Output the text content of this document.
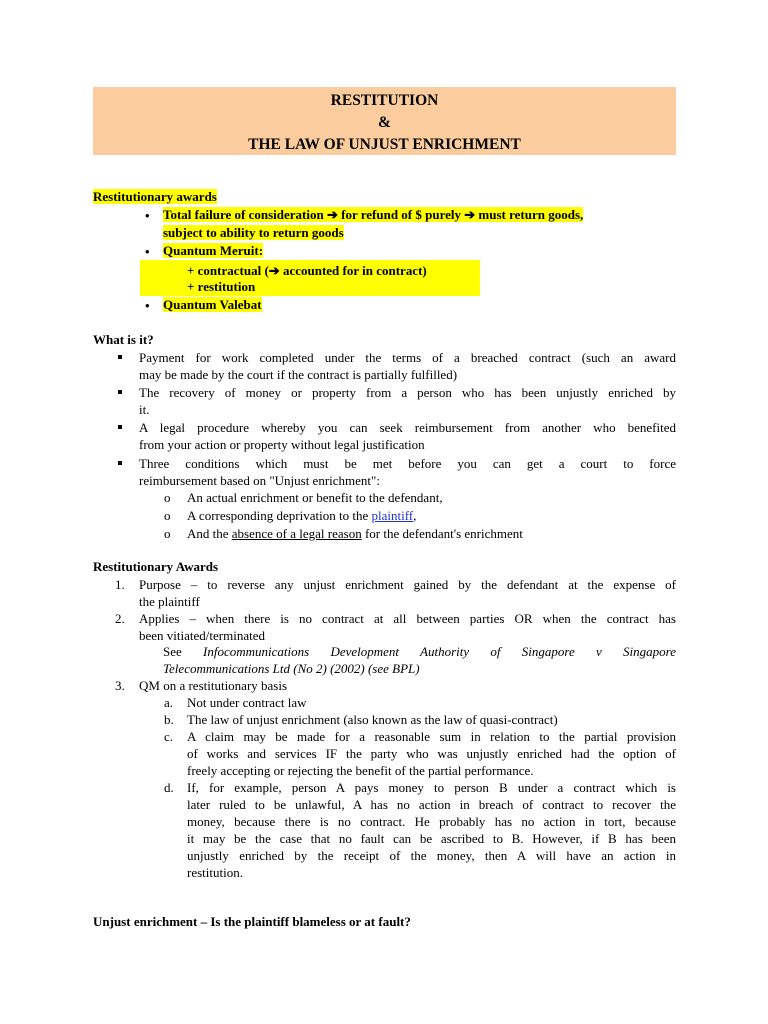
RESTITUTION
&
THE LAW OF UNJUST ENRICHMENT
Restitutionary awards
• Total failure of consideration ➔ for refund of $ purely ➔ must return goods,
subject to ability to return goods
• Quantum Meruit:
+ contractual (➔ accounted for in contract)
+ restitution
• Quantum Valebat
What is it?
Payment for work completed under the terms of a breached contract (such an award
may be made by the court if the contract is partially fulfilled)
The recovery of money or property from a person who has been unjustly enriched by
it.
A legal procedure whereby you can seek reimbursement from another who benefited
from your action or property without legal justification
Three conditions which must be met before you can get a court to force
reimbursement based on "Unjust enrichment":
o An actual enrichment or benefit to the defendant,
o A corresponding deprivation to the plaintiff,
o And the absence of a legal reason for the defendant's enrichment
Restitutionary Awards
1. Purpose – to reverse any unjust enrichment gained by the defendant at the expense of
the plaintiff
2. Applies – when there is no contract at all between parties OR when the contract has
been vitiated/terminated
See Infocommunications Development Authority of Singapore v Singapore
Telecommunications Ltd (No 2) (2002) (see BPL)
3. QM on a restitutionary basis
a. Not under contract law
b. The law of unjust enrichment (also known as the law of quasi-contract)
c. A claim may be made for a reasonable sum in relation to the partial provision
of works and services IF the party who was unjustly enriched had the option of
freely accepting or rejecting the benefit of the partial performance.
d. If, for example, person A pays money to person B under a contract which is
later ruled to be unlawful, A has no action in breach of contract to recover the
money, because there is no contract. He probably has no action in tort, because
it may be the case that no fault can be ascribed to B. However, if B has been
unjustly enriched by the receipt of the money, then A will have an action in
restitution.
Unjust enrichment – Is the plaintiff blameless or at fault?
